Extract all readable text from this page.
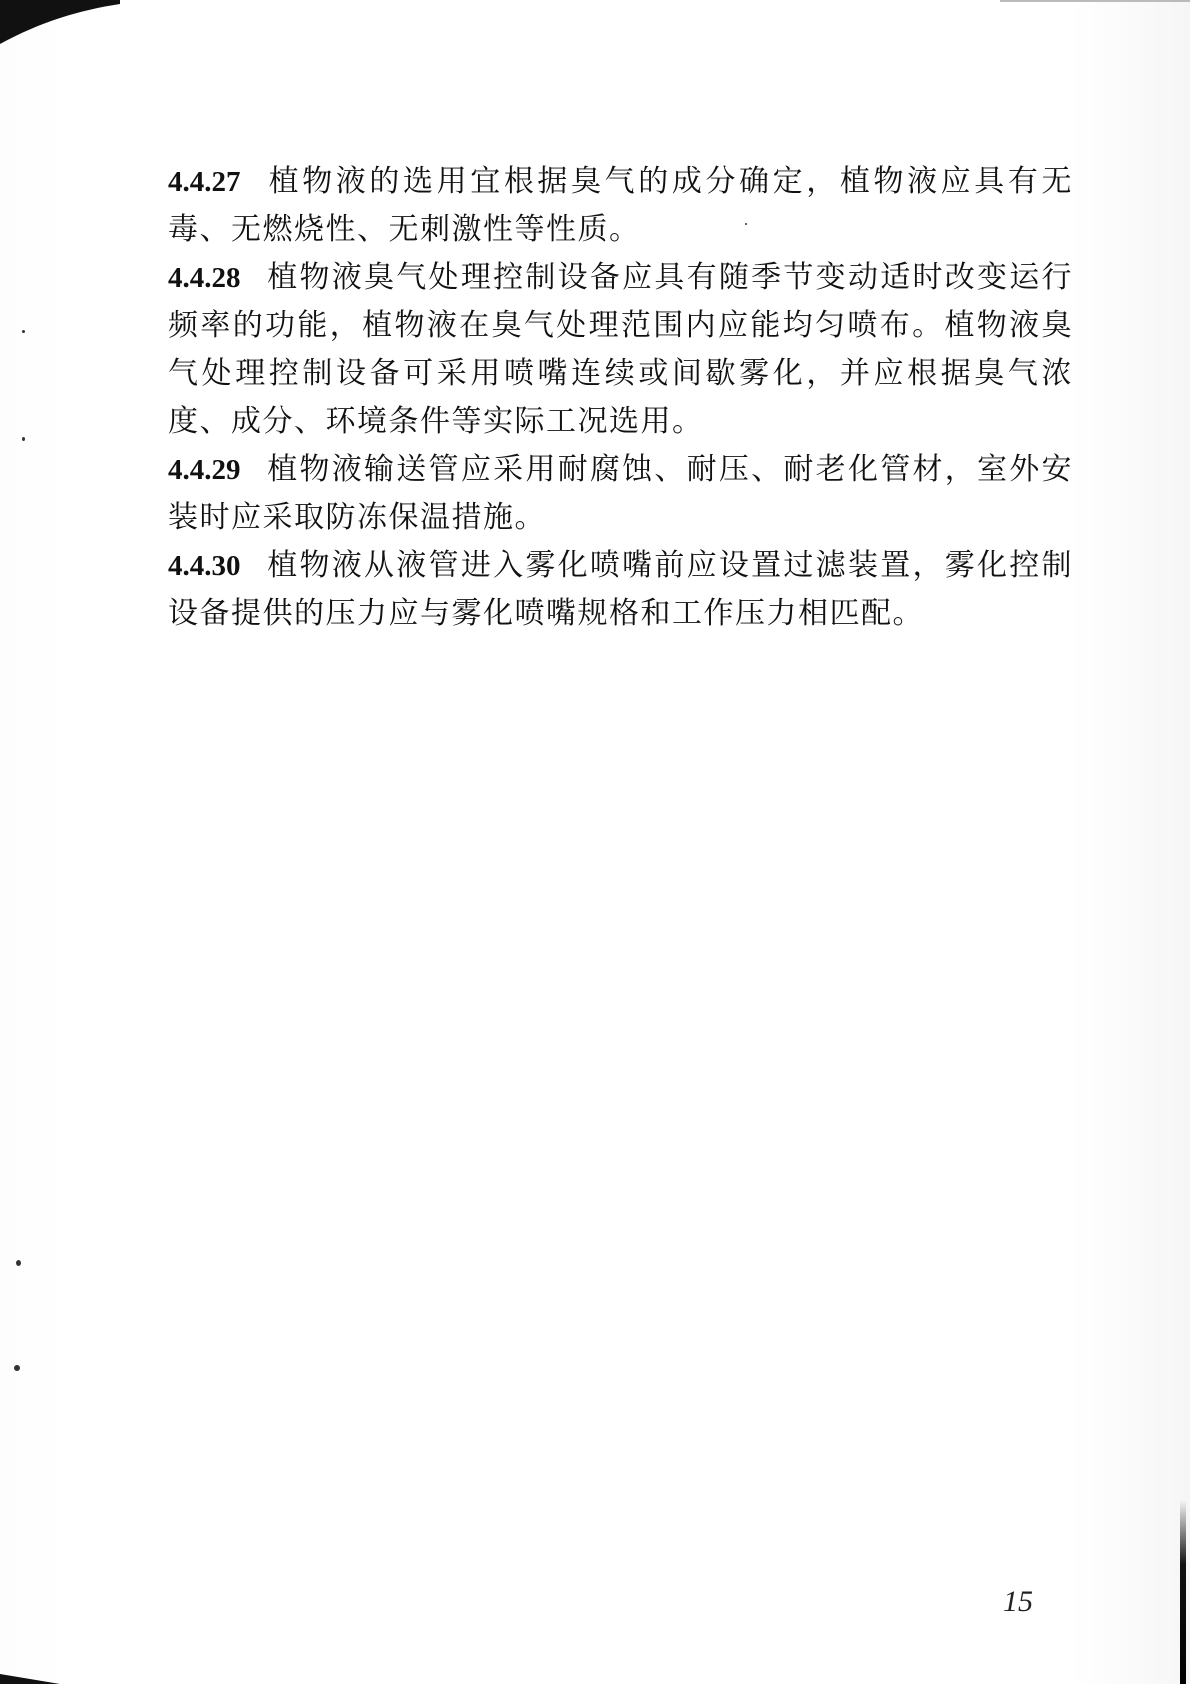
4.4.27 植物液的选用宜根据臭气的成分确定，植物液应具有无毒、无燃烧性、无刺激性等性质。

4.4.28 植物液臭气处理控制设备应具有随季节变动适时改变运行频率的功能，植物液在臭气处理范围内应能均匀喷布。植物液臭气处理控制设备可采用喷嘴连续或间歇雾化，并应根据臭气浓度、成分、环境条件等实际工况选用。

4.4.29 植物液输送管应采用耐腐蚀、耐压、耐老化管材，室外安装时应采取防冻保温措施。

4.4.30 植物液从液管进入雾化喷嘴前应设置过滤装置，雾化控制设备提供的压力应与雾化喷嘴规格和工作压力相匹配。

15
